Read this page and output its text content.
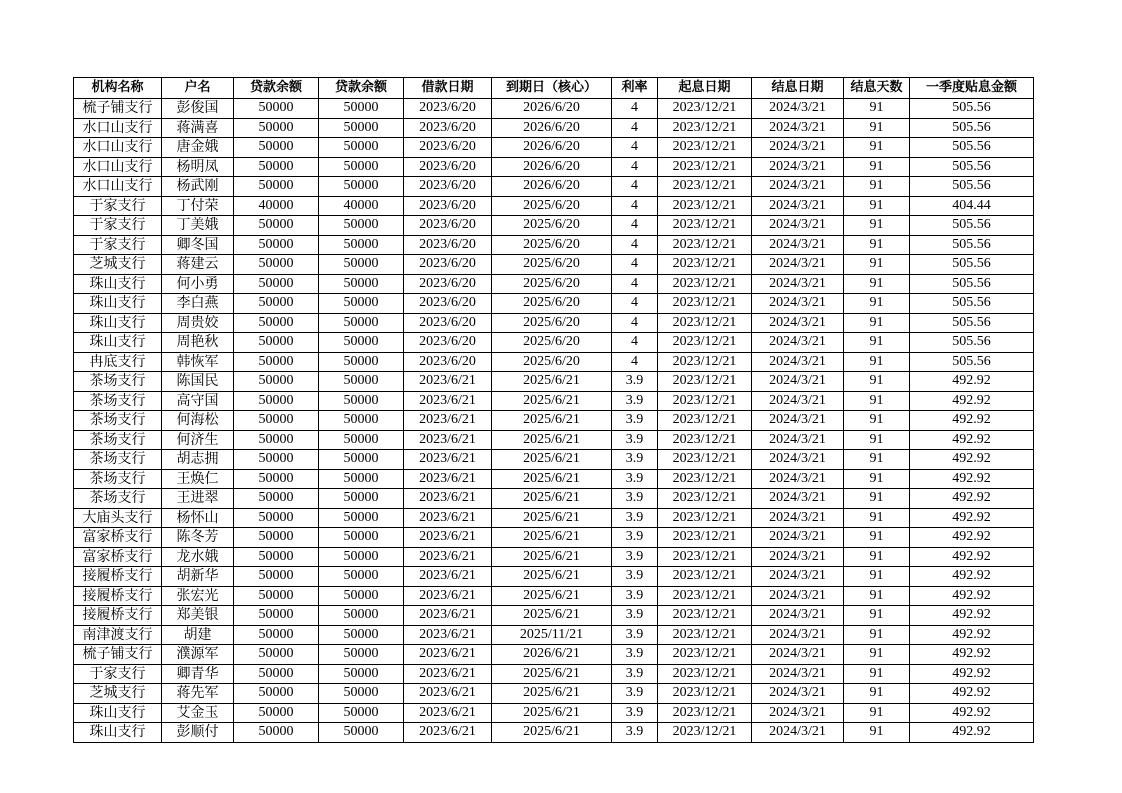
机构名称	户名	贷款余额	贷款余额	借款日期	到期日（核心）	利率	起息日期	结息日期	结息天数	一季度贴息金额
梳子铺支行	彭俊国	50000	50000	2023/6/20	2026/6/20	4	2023/12/21	2024/3/21	91	505.56
水口山支行	蒋满喜	50000	50000	2023/6/20	2026/6/20	4	2023/12/21	2024/3/21	91	505.56
水口山支行	唐金娥	50000	50000	2023/6/20	2026/6/20	4	2023/12/21	2024/3/21	91	505.56
水口山支行	杨明凤	50000	50000	2023/6/20	2026/6/20	4	2023/12/21	2024/3/21	91	505.56
水口山支行	杨武刚	50000	50000	2023/6/20	2026/6/20	4	2023/12/21	2024/3/21	91	505.56
于家支行	丁付荣	40000	40000	2023/6/20	2025/6/20	4	2023/12/21	2024/3/21	91	404.44
于家支行	丁美娥	50000	50000	2023/6/20	2025/6/20	4	2023/12/21	2024/3/21	91	505.56
于家支行	卿冬国	50000	50000	2023/6/20	2025/6/20	4	2023/12/21	2024/3/21	91	505.56
芝城支行	蒋建云	50000	50000	2023/6/20	2025/6/20	4	2023/12/21	2024/3/21	91	505.56
珠山支行	何小勇	50000	50000	2023/6/20	2025/6/20	4	2023/12/21	2024/3/21	91	505.56
珠山支行	李白燕	50000	50000	2023/6/20	2025/6/20	4	2023/12/21	2024/3/21	91	505.56
珠山支行	周贵姣	50000	50000	2023/6/20	2025/6/20	4	2023/12/21	2024/3/21	91	505.56
珠山支行	周艳秋	50000	50000	2023/6/20	2025/6/20	4	2023/12/21	2024/3/21	91	505.56
冉底支行	韩恢军	50000	50000	2023/6/20	2025/6/20	4	2023/12/21	2024/3/21	91	505.56
茶场支行	陈国民	50000	50000	2023/6/21	2025/6/21	3.9	2023/12/21	2024/3/21	91	492.92
茶场支行	高守国	50000	50000	2023/6/21	2025/6/21	3.9	2023/12/21	2024/3/21	91	492.92
茶场支行	何海松	50000	50000	2023/6/21	2025/6/21	3.9	2023/12/21	2024/3/21	91	492.92
茶场支行	何济生	50000	50000	2023/6/21	2025/6/21	3.9	2023/12/21	2024/3/21	91	492.92
茶场支行	胡志拥	50000	50000	2023/6/21	2025/6/21	3.9	2023/12/21	2024/3/21	91	492.92
茶场支行	王焕仁	50000	50000	2023/6/21	2025/6/21	3.9	2023/12/21	2024/3/21	91	492.92
茶场支行	王进翠	50000	50000	2023/6/21	2025/6/21	3.9	2023/12/21	2024/3/21	91	492.92
大庙头支行	杨怀山	50000	50000	2023/6/21	2025/6/21	3.9	2023/12/21	2024/3/21	91	492.92
富家桥支行	陈冬芳	50000	50000	2023/6/21	2025/6/21	3.9	2023/12/21	2024/3/21	91	492.92
富家桥支行	龙水娥	50000	50000	2023/6/21	2025/6/21	3.9	2023/12/21	2024/3/21	91	492.92
接履桥支行	胡新华	50000	50000	2023/6/21	2025/6/21	3.9	2023/12/21	2024/3/21	91	492.92
接履桥支行	张宏光	50000	50000	2023/6/21	2025/6/21	3.9	2023/12/21	2024/3/21	91	492.92
接履桥支行	郑美银	50000	50000	2023/6/21	2025/6/21	3.9	2023/12/21	2024/3/21	91	492.92
南津渡支行	胡建	50000	50000	2023/6/21	2025/11/21	3.9	2023/12/21	2024/3/21	91	492.92
梳子铺支行	濮源军	50000	50000	2023/6/21	2026/6/21	3.9	2023/12/21	2024/3/21	91	492.92
于家支行	卿青华	50000	50000	2023/6/21	2025/6/21	3.9	2023/12/21	2024/3/21	91	492.92
芝城支行	蒋先军	50000	50000	2023/6/21	2025/6/21	3.9	2023/12/21	2024/3/21	91	492.92
珠山支行	艾金玉	50000	50000	2023/6/21	2025/6/21	3.9	2023/12/21	2024/3/21	91	492.92
珠山支行	彭顺付	50000	50000	2023/6/21	2025/6/21	3.9	2023/12/21	2024/3/21	91	492.92
